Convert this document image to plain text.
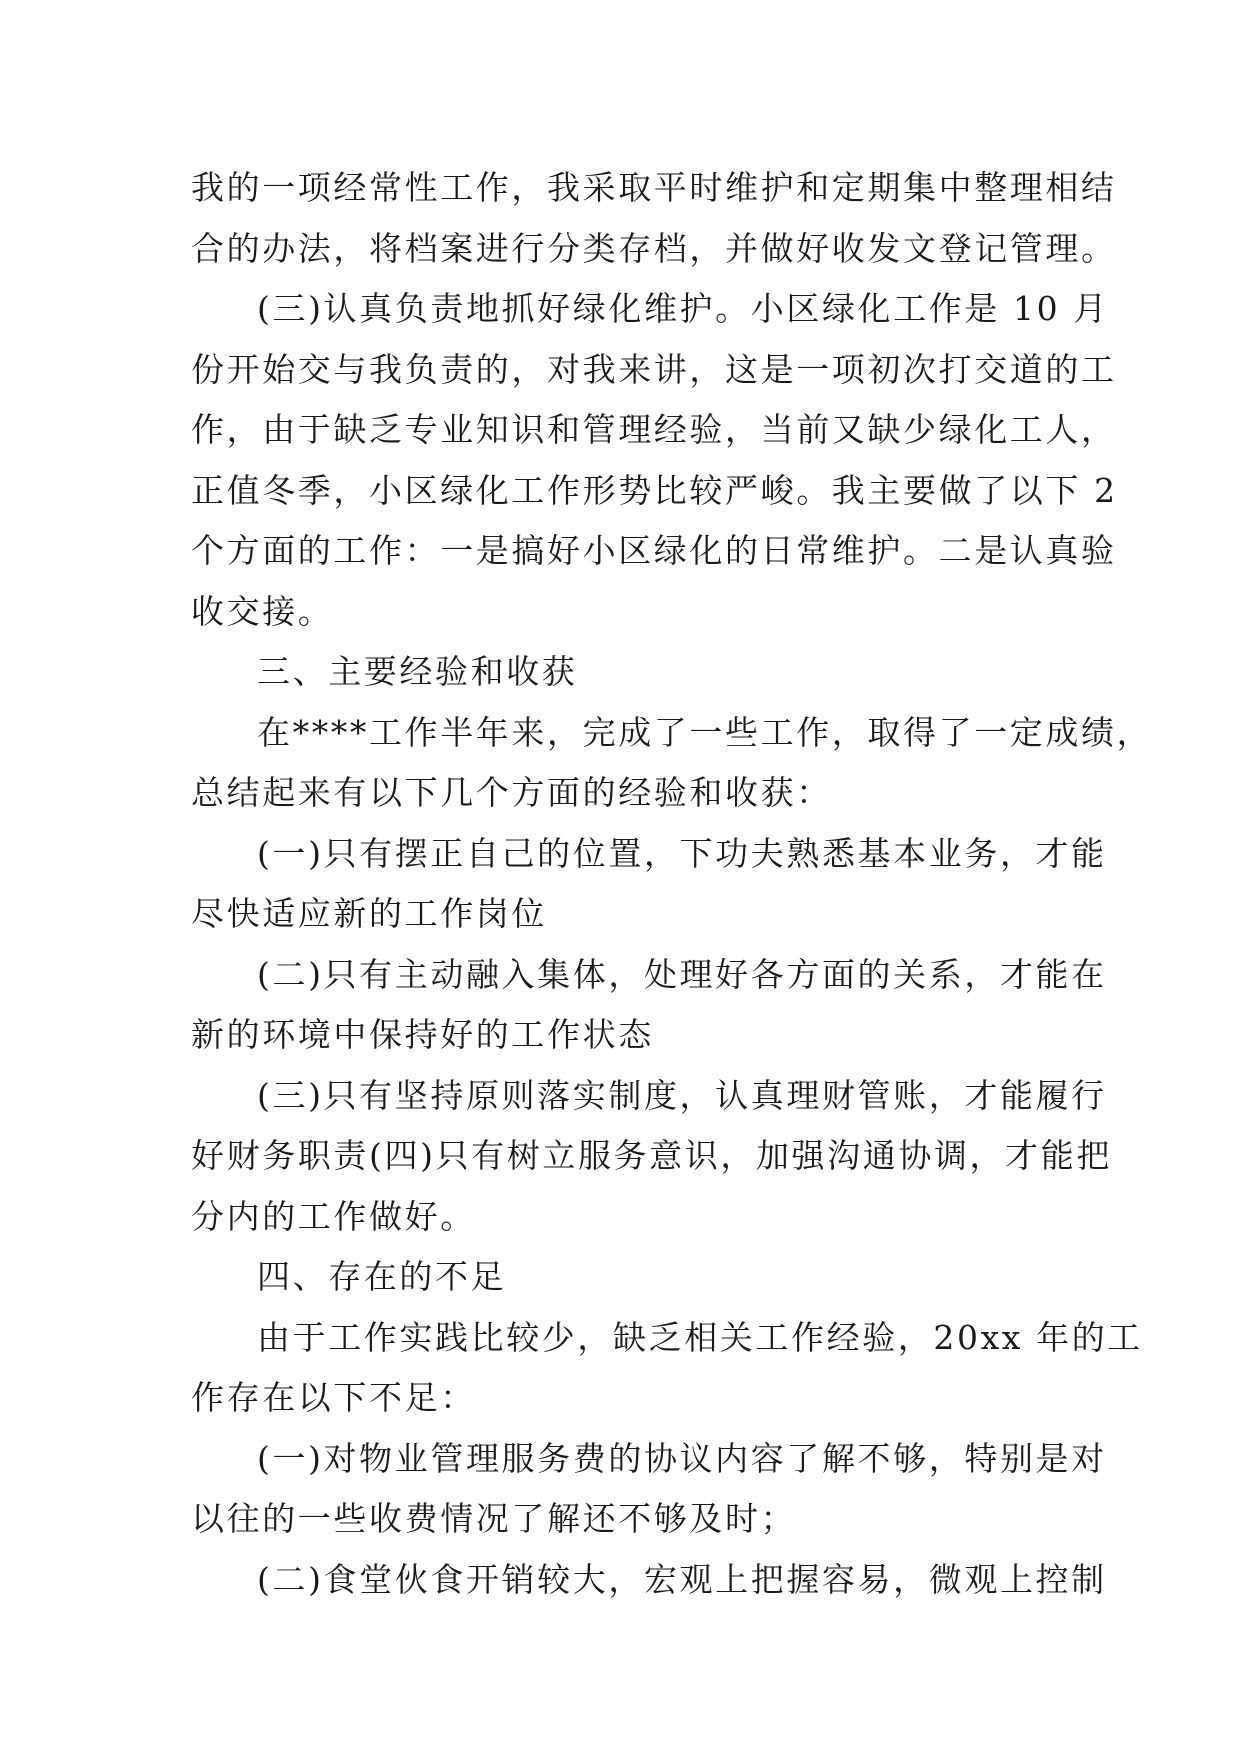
我的一项经常性工作，我采取平时维护和定期集中整理相结
合的办法，将档案进行分类存档，并做好收发文登记管理。
(三)认真负责地抓好绿化维护。小区绿化工作是 10 月
份开始交与我负责的，对我来讲，这是一项初次打交道的工
作，由于缺乏专业知识和管理经验，当前又缺少绿化工人，
正值冬季，小区绿化工作形势比较严峻。我主要做了以下 2
个方面的工作：一是搞好小区绿化的日常维护。二是认真验
收交接。
三、主要经验和收获
在****工作半年来，完成了一些工作，取得了一定成绩，
总结起来有以下几个方面的经验和收获：
(一)只有摆正自己的位置，下功夫熟悉基本业务，才能
尽快适应新的工作岗位
(二)只有主动融入集体，处理好各方面的关系，才能在
新的环境中保持好的工作状态
(三)只有坚持原则落实制度，认真理财管账，才能履行
好财务职责(四)只有树立服务意识，加强沟通协调，才能把
分内的工作做好。
四、存在的不足
由于工作实践比较少，缺乏相关工作经验，20xx 年的工
作存在以下不足：
(一)对物业管理服务费的协议内容了解不够，特别是对
以往的一些收费情况了解还不够及时；
(二)食堂伙食开销较大，宏观上把握容易，微观上控制
